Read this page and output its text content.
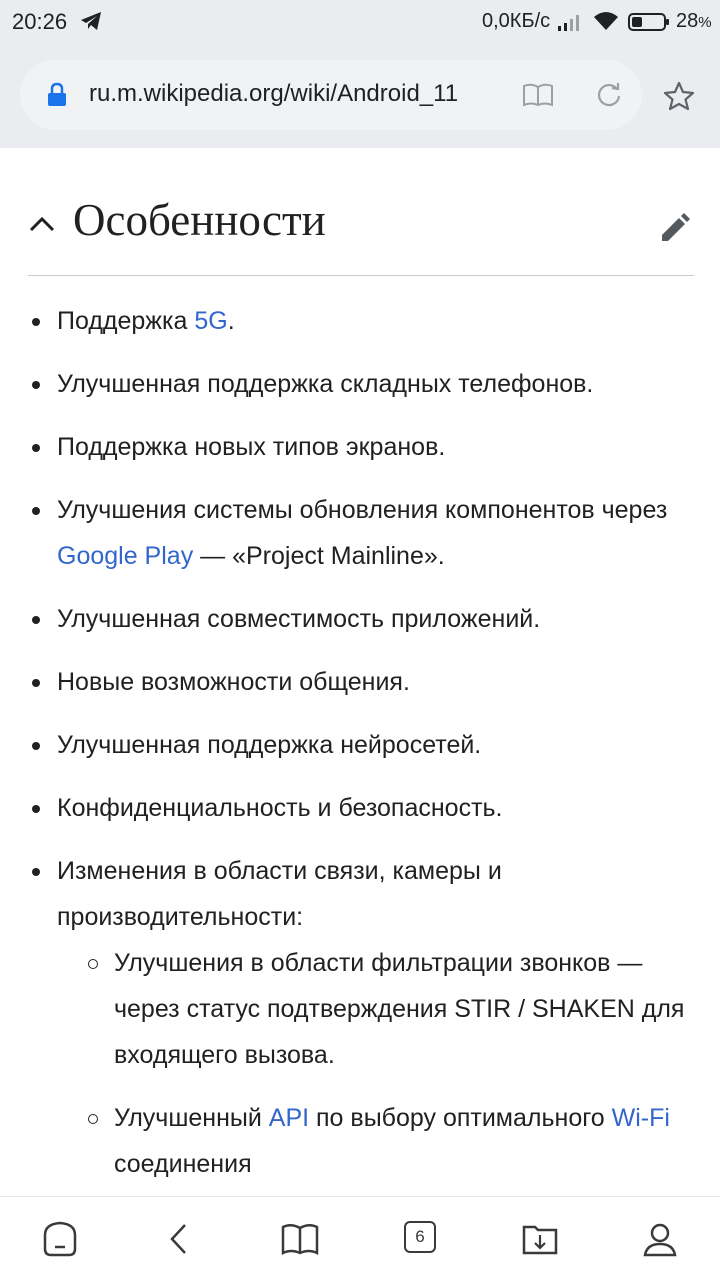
20:26	0,0КБ/с	28%
ru.m.wikipedia.org/wiki/Android_11
Особенности
Поддержка 5G.
Улучшенная поддержка складных телефонов.
Поддержка новых типов экранов.
Улучшения системы обновления компонентов через Google Play — «Project Mainline».
Улучшенная совместимость приложений.
Новые возможности общения.
Улучшенная поддержка нейросетей.
Конфиденциальность и безопасность.
Изменения в области связи, камеры и производительности:
Улучшения в области фильтрации звонков — через статус подтверждения STIR / SHAKEN для входящего вызова.
Улучшенный API по выбору оптимального Wi-Fi соединения
6
